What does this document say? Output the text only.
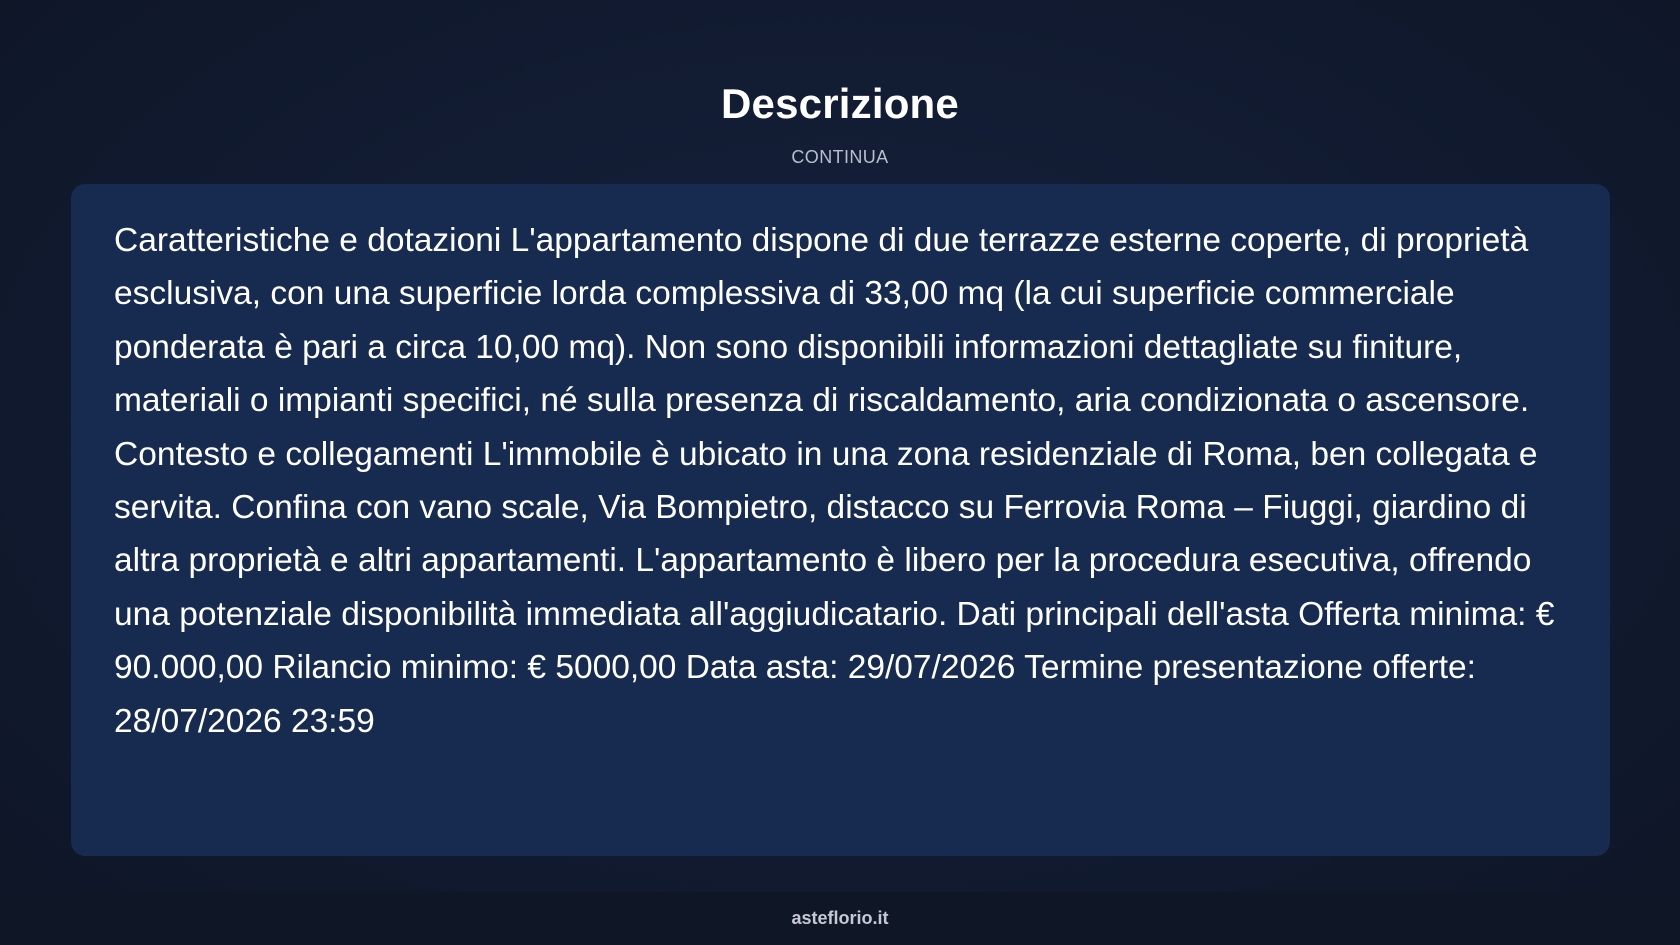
Descrizione
CONTINUA

Caratteristiche e dotazioni L'appartamento dispone di due terrazze esterne coperte, di proprietà esclusiva, con una superficie lorda complessiva di 33,00 mq (la cui superficie commerciale ponderata è pari a circa 10,00 mq). Non sono disponibili informazioni dettagliate su finiture, materiali o impianti specifici, né sulla presenza di riscaldamento, aria condizionata o ascensore. Contesto e collegamenti L'immobile è ubicato in una zona residenziale di Roma, ben collegata e servita. Confina con vano scale, Via Bompietro, distacco su Ferrovia Roma – Fiuggi, giardino di altra proprietà e altri appartamenti. L'appartamento è libero per la procedura esecutiva, offrendo una potenziale disponibilità immediata all'aggiudicatario. Dati principali dell'asta Offerta minima: € 90.000,00 Rilancio minimo: € 5000,00 Data asta: 29/07/2026 Termine presentazione offerte: 28/07/2026 23:59

asteflorio.it
